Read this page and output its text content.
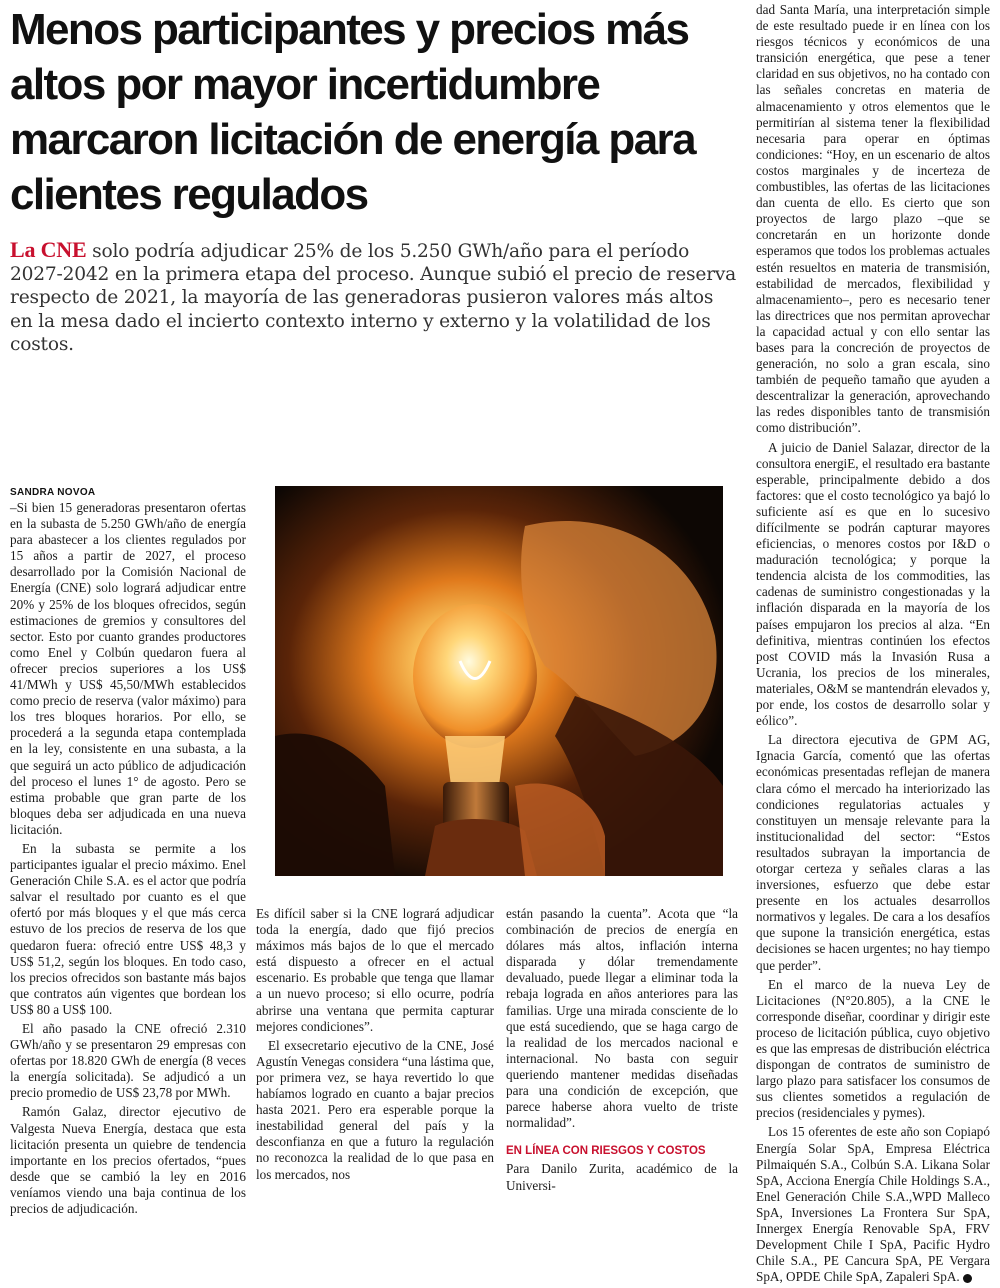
Menos participantes y precios más altos por mayor incertidumbre marcaron licitación de energía para clientes regulados

La CNE solo podría adjudicar 25% de los 5.250 GWh/año para el período 2027-2042 en la primera etapa del proceso. Aunque subió el precio de reserva respecto de 2021, la mayoría de las generadoras pusieron valores más altos en la mesa dado el incierto contexto interno y externo y la volatilidad de los costos.

SANDRA NOVOA

–Si bien 15 generadoras presentaron ofertas en la subasta de 5.250 GWh/año de energía para abastecer a los clientes regulados por 15 años a partir de 2027, el proceso desarrollado por la Comisión Nacional de Energía (CNE) solo logrará adjudicar entre 20% y 25% de los bloques ofrecidos, según estimaciones de gremios y consultores del sector. Esto por cuanto grandes productores como Enel y Colbún quedaron fuera al ofrecer precios superiores a los US$ 41/MWh y US$ 45,50/MWh establecidos como precio de reserva (valor máximo) para los tres bloques horarios. Por ello, se procederá a la segunda etapa contemplada en la ley, consistente en una subasta, a la que seguirá un acto público de adjudicación del proceso el lunes 1° de agosto. Pero se estima probable que gran parte de los bloques deba ser adjudicada en una nueva licitación.

En la subasta se permite a los participantes igualar el precio máximo. Enel Generación Chile S.A. es el actor que podría salvar el resultado por cuanto es el que ofertó por más bloques y el que más cerca estuvo de los precios de reserva de los que quedaron fuera: ofreció entre US$ 48,3 y US$ 51,2, según los bloques. En todo caso, los precios ofrecidos son bastante más bajos que contratos aún vigentes que bordean los US$ 80 a US$ 100.

El año pasado la CNE ofreció 2.310 GWh/año y se presentaron 29 empresas con ofertas por 18.820 GWh de energía (8 veces la energía solicitada). Se adjudicó a un precio promedio de US$ 23,78 por MWh.

Ramón Galaz, director ejecutivo de Valgesta Nueva Energía, destaca que esta licitación presenta un quiebre de tendencia importante en los precios ofertados, “pues desde que se cambió la ley en 2016 veníamos viendo una baja continua de los precios de adjudicación.

Es difícil saber si la CNE logrará adjudicar toda la energía, dado que fijó precios máximos más bajos de lo que el mercado está dispuesto a ofrecer en el actual escenario. Es probable que tenga que llamar a un nuevo proceso; si ello ocurre, podría abrirse una ventana que permita capturar mejores condiciones”.

El exsecretario ejecutivo de la CNE, José Agustín Venegas considera “una lástima que, por primera vez, se haya revertido lo que habíamos logrado en cuanto a bajar precios hasta 2021. Pero era esperable porque la inestabilidad general del país y la desconfianza en que a futuro la regulación no reconozca la realidad de lo que pasa en los mercados, nos

están pasando la cuenta”. Acota que “la combinación de precios de energía en dólares más altos, inflación interna disparada y dólar tremendamente devaluado, puede llegar a eliminar toda la rebaja lograda en años anteriores para las familias. Urge una mirada consciente de lo que está sucediendo, que se haga cargo de la realidad de los mercados nacional e internacional. No basta con seguir queriendo mantener medidas diseñadas para una condición de excepción, que parece haberse ahora vuelto de triste normalidad”.

EN LÍNEA CON RIESGOS Y COSTOS

Para Danilo Zurita, académico de la Universi-

dad Santa María, una interpretación simple de este resultado puede ir en línea con los riesgos técnicos y económicos de una transición energética, que pese a tener claridad en sus objetivos, no ha contado con las señales concretas en materia de almacenamiento y otros elementos que le permitirían al sistema tener la flexibilidad necesaria para operar en óptimas condiciones: “Hoy, en un escenario de altos costos marginales y de incerteza de combustibles, las ofertas de las licitaciones dan cuenta de ello. Es cierto que son proyectos de largo plazo –que se concretarán en un horizonte donde esperamos que todos los problemas actuales estén resueltos en materia de transmisión, estabilidad de mercados, flexibilidad y almacenamiento–, pero es necesario tener las directrices que nos permitan aprovechar la capacidad actual y con ello sentar las bases para la concreción de proyectos de generación, no solo a gran escala, sino también de pequeño tamaño que ayuden a descentralizar la generación, aprovechando las redes disponibles tanto de transmisión como distribución”.

A juicio de Daniel Salazar, director de la consultora energiE, el resultado era bastante esperable, principalmente debido a dos factores: que el costo tecnológico ya bajó lo suficiente así es que en lo sucesivo difícilmente se podrán capturar mayores eficiencias, o menores costos por I&D o maduración tecnológica; y porque la tendencia alcista de los commodities, las cadenas de suministro congestionadas y la inflación disparada en la mayoría de los países empujaron los precios al alza. “En definitiva, mientras continúen los efectos post COVID más la Invasión Rusa a Ucrania, los precios de los minerales, materiales, O&M se mantendrán elevados y, por ende, los costos de desarrollo solar y eólico”.

La directora ejecutiva de GPM AG, Ignacia García, comentó que las ofertas económicas presentadas reflejan de manera clara cómo el mercado ha interiorizado las condiciones regulatorias actuales y constituyen un mensaje relevante para la institucionalidad del sector: “Estos resultados subrayan la importancia de otorgar certeza y señales claras a las inversiones, esfuerzo que debe estar presente en los actuales desarrollos normativos y legales. De cara a los desafíos que supone la transición energética, estas decisiones se hacen urgentes; no hay tiempo que perder”.

En el marco de la nueva Ley de Licitaciones (N°20.805), a la CNE le corresponde diseñar, coordinar y dirigir este proceso de licitación pública, cuyo objetivo es que las empresas de distribución eléctrica dispongan de contratos de suministro de largo plazo para satisfacer los consumos de sus clientes sometidos a regulación de precios (residenciales y pymes).

Los 15 oferentes de este año son Copiapó Energía Solar SpA, Empresa Eléctrica Pilmaiquén S.A., Colbún S.A. Likana Solar SpA, Acciona Energía Chile Holdings S.A., Enel Generación Chile S.A.,WPD Malleco SpA, Inversiones La Frontera Sur SpA, Innergex Energía Renovable SpA, FRV Development Chile I SpA, Pacific Hydro Chile S.A., PE Cancura SpA, PE Vergara SpA, OPDE Chile SpA, Zapaleri SpA. P
